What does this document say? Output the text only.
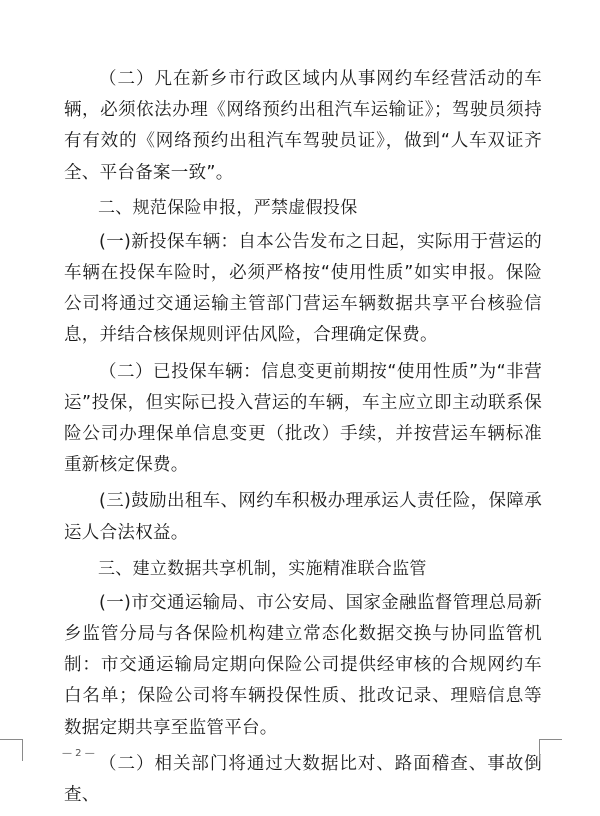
（二）凡在新乡市行政区域内从事网约车经营活动的车辆，必须依法办理《网络预约出租汽车运输证》；驾驶员须持有有效的《网络预约出租汽车驾驶员证》，做到“人车双证齐全、平台备案一致”。

二、规范保险申报，严禁虚假投保

(一)新投保车辆：自本公告发布之日起，实际用于营运的车辆在投保车险时，必须严格按“使用性质”如实申报。保险公司将通过交通运输主管部门营运车辆数据共享平台核验信息，并结合核保规则评估风险，合理确定保费。

（二）已投保车辆：信息变更前期按“使用性质”为“非营运”投保，但实际已投入营运的车辆，车主应立即主动联系保险公司办理保单信息变更（批改）手续，并按营运车辆标准重新核定保费。

(三)鼓励出租车、网约车积极办理承运人责任险，保障承运人合法权益。

三、建立数据共享机制，实施精准联合监管

(一)市交通运输局、市公安局、国家金融监督管理总局新乡监管分局与各保险机构建立常态化数据交换与协同监管机制：市交通运输局定期向保险公司提供经审核的合规网约车白名单；保险公司将车辆投保性质、批改记录、理赔信息等数据定期共享至监管平台。

（二）相关部门将通过大数据比对、路面稽查、事故倒查、

— 2 —
